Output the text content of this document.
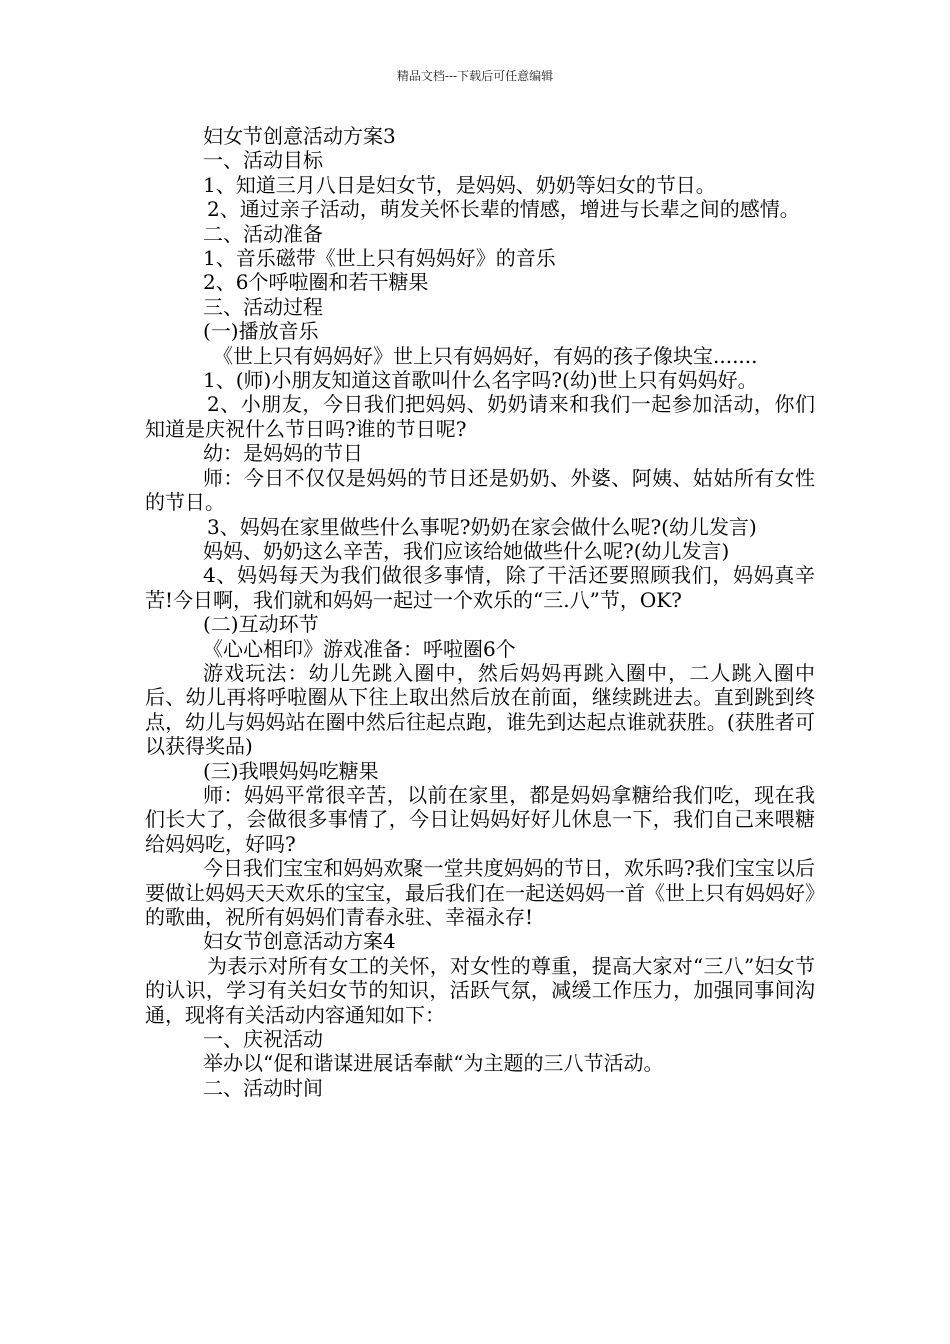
精品文档---下载后可任意编辑

妇女节创意活动方案3

一、活动目标

1、知道三月八日是妇女节，是妈妈、奶奶等妇女的节日。

2、通过亲子活动，萌发关怀长辈的情感，增进与长辈之间的感情。

二、活动准备

1、音乐磁带《世上只有妈妈好》的音乐

2、6个呼啦圈和若干糖果

三、活动过程

(一)播放音乐

《世上只有妈妈好》世上只有妈妈好，有妈的孩子像块宝.......

1、(师)小朋友知道这首歌叫什么名字吗?(幼)世上只有妈妈好。

2、小朋友，今日我们把妈妈、奶奶请来和我们一起参加活动，你们知道是庆祝什么节日吗?谁的节日呢?

幼：是妈妈的节日

师：今日不仅仅是妈妈的节日还是奶奶、外婆、阿姨、姑姑所有女性的节日。

3、妈妈在家里做些什么事呢?奶奶在家会做什么呢?(幼儿发言)

妈妈、奶奶这么辛苦，我们应该给她做些什么呢?(幼儿发言)

4、妈妈每天为我们做很多事情，除了干活还要照顾我们，妈妈真辛苦!今日啊，我们就和妈妈一起过一个欢乐的“三.八”节，OK?

(二)互动环节

《心心相印》游戏准备：呼啦圈6个

游戏玩法：幼儿先跳入圈中，然后妈妈再跳入圈中，二人跳入圈中后、幼儿再将呼啦圈从下往上取出然后放在前面，继续跳进去。直到跳到终点，幼儿与妈妈站在圈中然后往起点跑，谁先到达起点谁就获胜。(获胜者可以获得奖品)

(三)我喂妈妈吃糖果

师：妈妈平常很辛苦，以前在家里，都是妈妈拿糖给我们吃，现在我们长大了，会做很多事情了，今日让妈妈好好儿休息一下，我们自己来喂糖给妈妈吃，好吗?

今日我们宝宝和妈妈欢聚一堂共度妈妈的节日，欢乐吗?我们宝宝以后要做让妈妈天天欢乐的宝宝，最后我们在一起送妈妈一首《世上只有妈妈好》的歌曲，祝所有妈妈们青春永驻、幸福永存!

妇女节创意活动方案4

为表示对所有女工的关怀，对女性的尊重，提高大家对“三八”妇女节的认识，学习有关妇女节的知识，活跃气氛，减缓工作压力，加强同事间沟通，现将有关活动内容通知如下：

一、庆祝活动

举办以“促和谐谋进展话奉献“为主题的三八节活动。

二、活动时间
